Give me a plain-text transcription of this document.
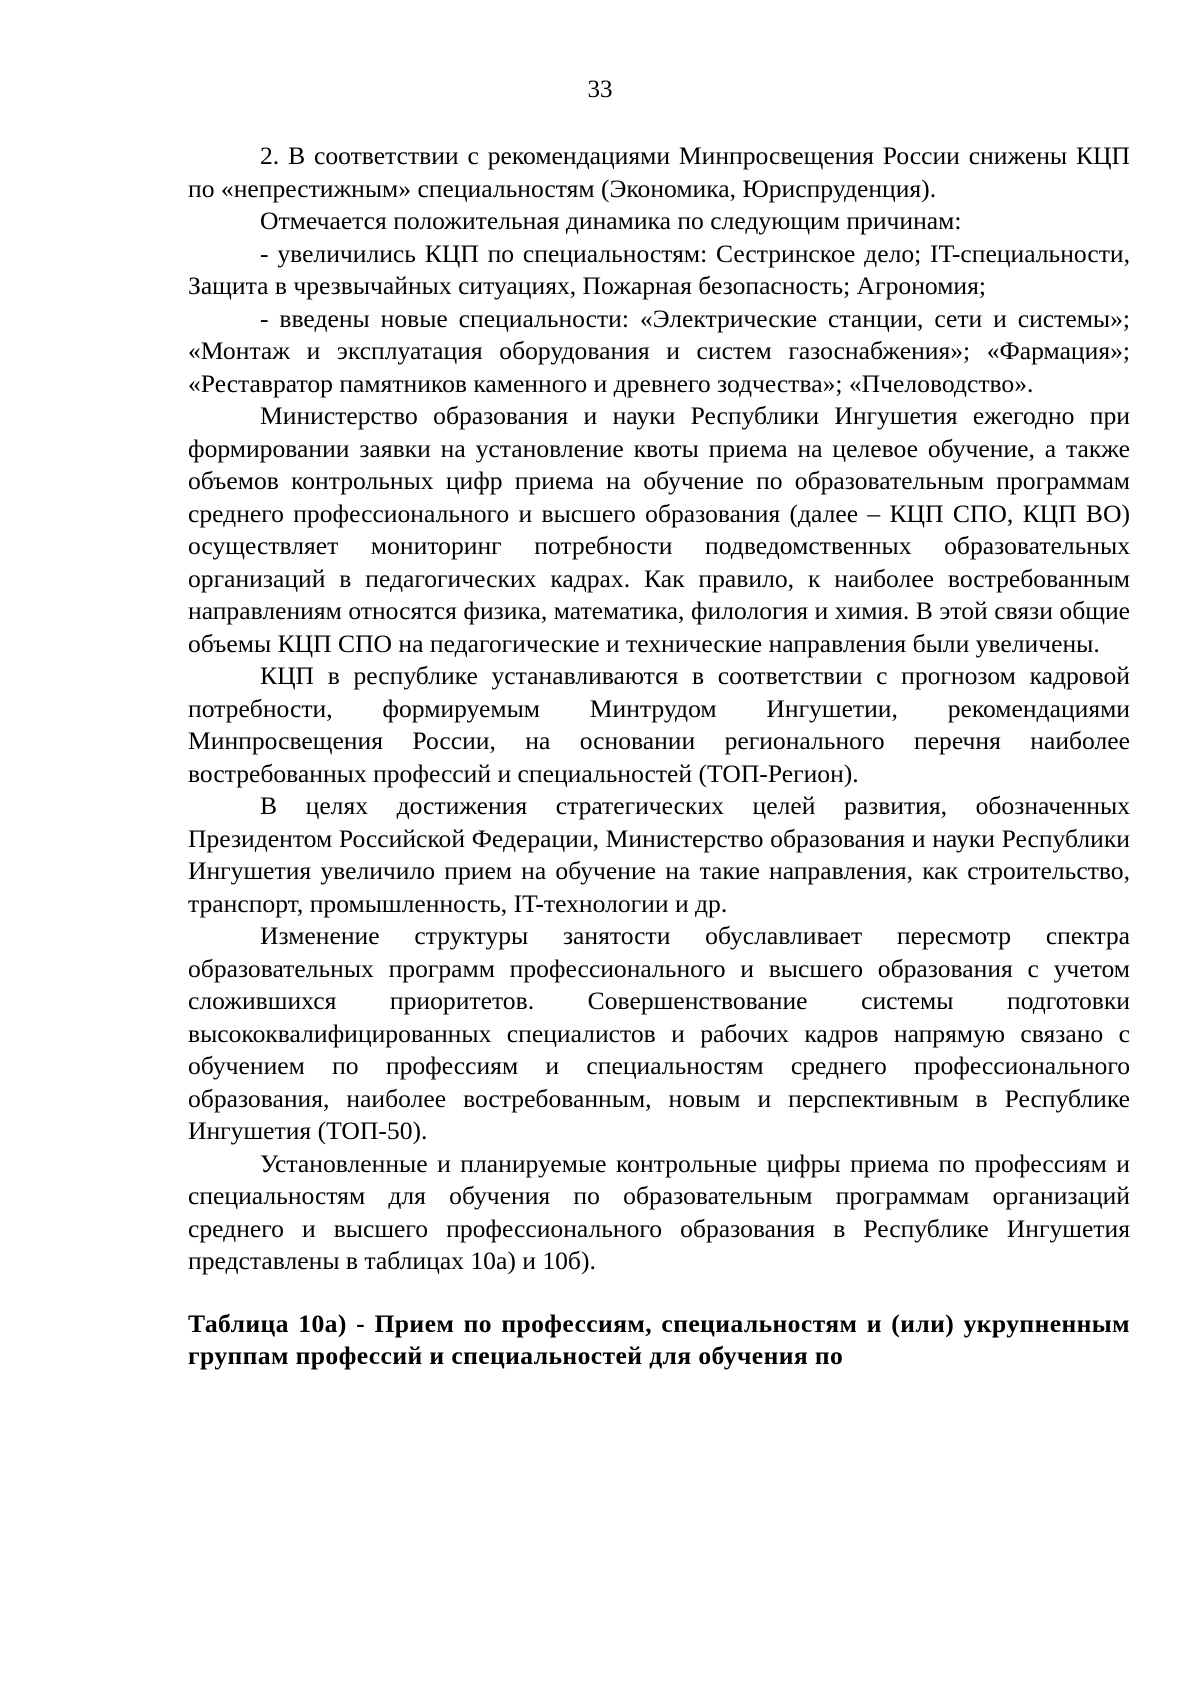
33

2. В соответствии с рекомендациями Минпросвещения России снижены КЦП по «непрестижным» специальностям (Экономика, Юриспруденция).

Отмечается положительная динамика по следующим причинам:

- увеличились КЦП по специальностям: Сестринское дело; IT-специальности, Защита в чрезвычайных ситуациях, Пожарная безопасность; Агрономия;

- введены новые специальности: «Электрические станции, сети и системы»; «Монтаж и эксплуатация оборудования и систем газоснабжения»; «Фармация»; «Реставратор памятников каменного и древнего зодчества»; «Пчеловодство».

Министерство образования и науки Республики Ингушетия ежегодно при формировании заявки на установление квоты приема на целевое обучение, а также объемов контрольных цифр приема на обучение по образовательным программам среднего профессионального и высшего образования (далее – КЦП СПО, КЦП ВО) осуществляет мониторинг потребности подведомственных образовательных организаций в педагогических кадрах. Как правило, к наиболее востребованным направлениям относятся физика, математика, филология и химия. В этой связи общие объемы КЦП СПО на педагогические и технические направления были увеличены.

КЦП в республике устанавливаются в соответствии с прогнозом кадровой потребности, формируемым Минтрудом Ингушетии, рекомендациями Минпросвещения России, на основании регионального перечня наиболее востребованных профессий и специальностей (ТОП-Регион).

В целях достижения стратегических целей развития, обозначенных Президентом Российской Федерации, Министерство образования и науки Республики Ингушетия увеличило прием на обучение на такие направления, как строительство, транспорт, промышленность, IT-технологии и др.

Изменение структуры занятости обуславливает пересмотр спектра образовательных программ профессионального и высшего образования с учетом сложившихся приоритетов. Совершенствование системы подготовки высококвалифицированных специалистов и рабочих кадров напрямую связано с обучением по профессиям и специальностям среднего профессионального образования, наиболее востребованным, новым и перспективным в Республике Ингушетия (ТОП-50).

Установленные и планируемые контрольные цифры приема по профессиям и специальностям для обучения по образовательным программам организаций среднего и высшего профессионального образования в Республике Ингушетия представлены в таблицах 10а) и 10б).

Таблица 10а) - Прием по профессиям, специальностям и (или) укрупненным группам профессий и специальностей для обучения по
